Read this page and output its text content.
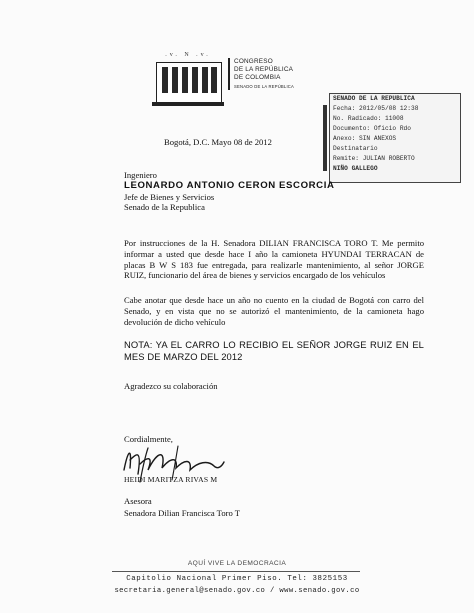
.v. N .v.
CONGRESO
DE LA REPÚBLICA
DE COLOMBIA
SENADO DE LA REPÚBLICA
SENADO DE LA REPUBLICA
Fecha: 2012/05/08 12:38
No. Radicado: 11008
Documento: Oficio Rdo
Anexo: SIN ANEXOS
Destinatario
Remite: JULIAN ROBERTO
NIÑO GALLEGO
Bogotá, D.C. Mayo 08 de 2012
Ingeniero
LEONARDO ANTONIO CERON ESCORCIA
Jefe de Bienes y Servicios
Senado de la Republica
Por instrucciones de la H. Senadora DILIAN FRANCISCA TORO T. Me permito informar a usted que desde hace I año la camioneta HYUNDAI TERRACAN de placas B W S 183 fue entregada, para realizarle mantenimiento, al señor JORGE RUIZ, funcionario del área de bienes y servicios encargado de los vehículos
Cabe anotar que desde hace un año no cuento en la ciudad de Bogotá con carro del Senado, y en vista que no se autorizó el mantenimiento, de la camioneta hago devolución de dicho vehículo
NOTA: YA EL CARRO LO RECIBIO EL SEÑOR JORGE RUIZ EN EL MES DE MARZO DEL 2012
Agradezco su colaboración
Cordialmente,
HEIDI MARITZA RIVAS M
Asesora
Senadora Dilian Francisca Toro T
AQUÍ VIVE LA DEMOCRACIA
Capitolio Nacional Primer Piso. Tel: 3825153
secretaria.general@senado.gov.co / www.senado.gov.co
